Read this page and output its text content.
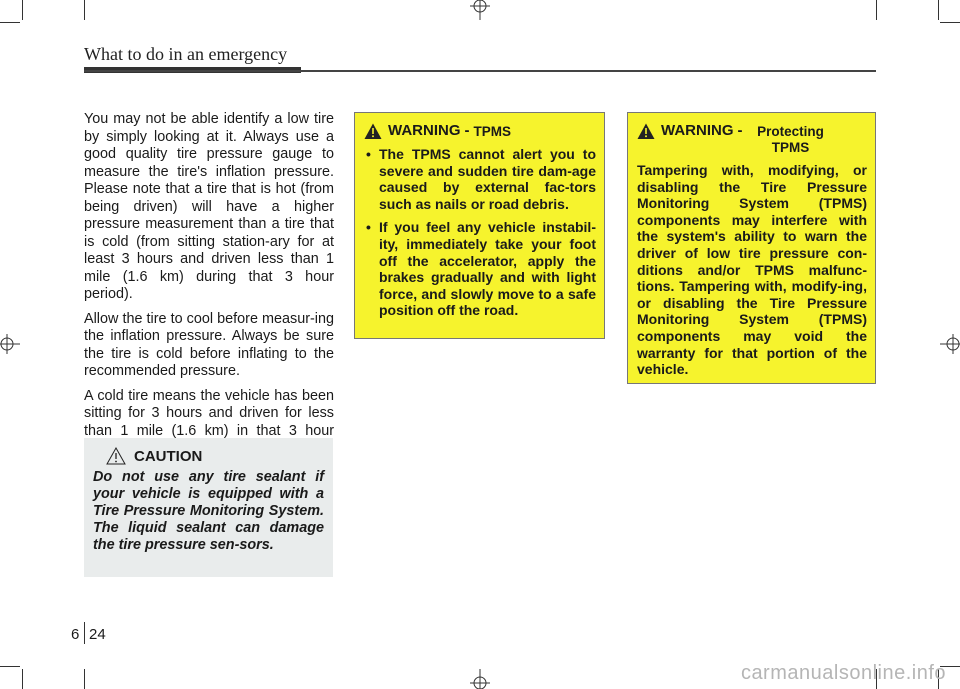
What to do in an emergency

You may not be able identify a low tire by simply looking at it. Always use a good quality tire pressure gauge to measure the tire's inflation pressure. Please note that a tire that is hot (from being driven) will have a higher pressure measurement than a tire that is cold (from sitting station-ary for at least 3 hours and driven less than 1 mile (1.6 km) during that 3 hour period).

Allow the tire to cool before measur-ing the inflation pressure. Always be sure the tire is cold before inflating to the recommended pressure.

A cold tire means the vehicle has been sitting for 3 hours and driven for less than 1 mile (1.6 km) in that 3 hour

CAUTION
Do not use any tire sealant if your vehicle is equipped with a Tire Pressure Monitoring System. The liquid sealant can damage the tire pressure sen-sors.
WARNING - TPMS
• The TPMS cannot alert you to severe and sudden tire dam-age caused by external fac-tors such as nails or road debris.
• If you feel any vehicle instabil-ity, immediately take your foot off the accelerator, apply the brakes gradually and with light force, and slowly move to a safe position off the road.
WARNING -	Protecting TPMS
Tampering with, modifying, or disabling the Tire Pressure Monitoring System (TPMS) components may interfere with the system's ability to warn the driver of low tire pressure con-ditions and/or TPMS malfunc-tions. Tampering with, modify-ing, or disabling the Tire Pressure Monitoring System (TPMS) components may void the warranty for that portion of the vehicle.
6 24
carmanualsonline.info
